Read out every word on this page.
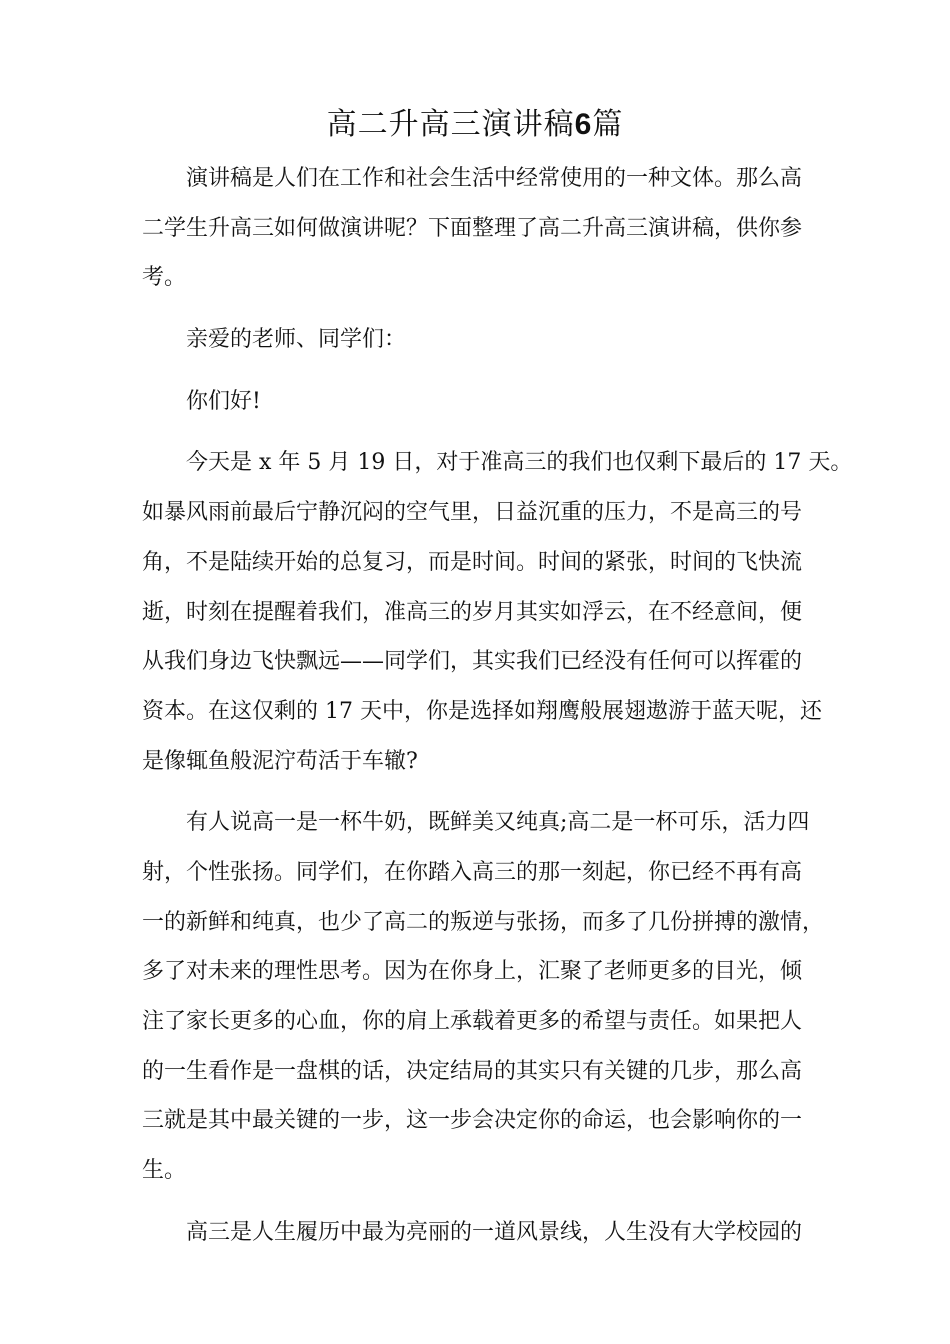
高二升高三演讲稿6篇
演讲稿是人们在工作和社会生活中经常使用的一种文体。那么高
二学生升高三如何做演讲呢？下面整理了高二升高三演讲稿，供你参
考。
亲爱的老师、同学们：
你们好!
今天是 x 年 5 月 19 日，对于准高三的我们也仅剩下最后的 17 天。
如暴风雨前最后宁静沉闷的空气里，日益沉重的压力，不是高三的号
角，不是陆续开始的总复习，而是时间。时间的紧张，时间的飞快流
逝，时刻在提醒着我们，准高三的岁月其实如浮云，在不经意间，便
从我们身边飞快飘远——同学们，其实我们已经没有任何可以挥霍的
资本。在这仅剩的 17 天中，你是选择如翔鹰般展翅遨游于蓝天呢，还
是像辄鱼般泥泞苟活于车辙?
有人说高一是一杯牛奶，既鲜美又纯真;高二是一杯可乐，活力四
射，个性张扬。同学们，在你踏入高三的那一刻起，你已经不再有高
一的新鲜和纯真，也少了高二的叛逆与张扬，而多了几份拼搏的激情，
多了对未来的理性思考。因为在你身上，汇聚了老师更多的目光，倾
注了家长更多的心血，你的肩上承载着更多的希望与责任。如果把人
的一生看作是一盘棋的话，决定结局的其实只有关键的几步，那么高
三就是其中最关键的一步，这一步会决定你的命运，也会影响你的一
生。
高三是人生履历中最为亮丽的一道风景线，人生没有大学校园的
